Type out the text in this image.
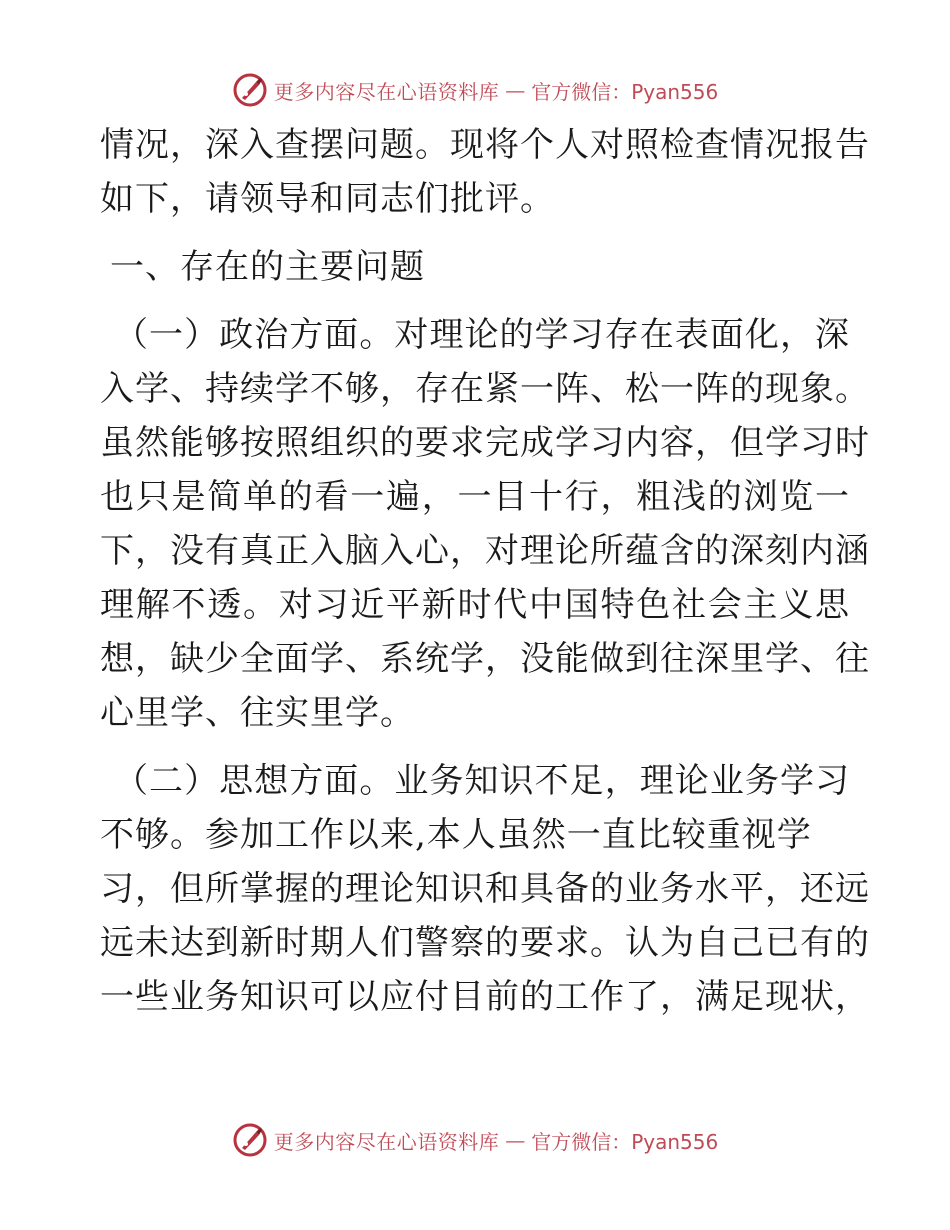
更多内容尽在心语资料库 — 官方微信：Pyan556
情况，深入查摆问题。现将个人对照检查情况报告
如下，请领导和同志们批评。
一、存在的主要问题
（一）政治方面。对理论的学习存在表面化，深
入学、持续学不够，存在紧一阵、松一阵的现象。
虽然能够按照组织的要求完成学习内容，但学习时
也只是简单的看一遍，一目十行，粗浅的浏览一
下，没有真正入脑入心，对理论所蕴含的深刻内涵
理解不透。对习近平新时代中国特色社会主义思
想，缺少全面学、系统学，没能做到往深里学、往
心里学、往实里学。
（二）思想方面。业务知识不足，理论业务学习
不够。参加工作以来,本人虽然一直比较重视学
习，但所掌握的理论知识和具备的业务水平，还远
远未达到新时期人们警察的要求。认为自己已有的
一些业务知识可以应付目前的工作了，满足现状，
更多内容尽在心语资料库 — 官方微信：Pyan556
